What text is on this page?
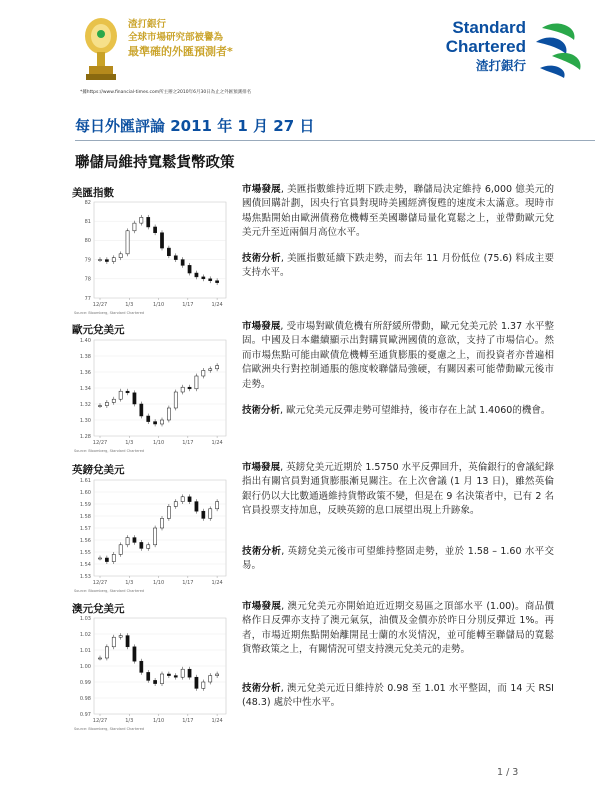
渣打銀行
全球市場研究部被譽為
最準確的外匯預測者*
*據https://www.financial-times.com所主辦之2010年6月30日為止之外匯預測排名
Standard
Chartered
渣打銀行
每日外匯評論 2011 年 1 月 27 日
聯儲局維持寬鬆貨幣政策
美匯指數
77
78
79
80
81
82
12/27	1/3	1/10	1/17	1/24
Source: Bloomberg, Standard Chartered
市場發展, 美匯指數維持近期下跌走勢，聯儲局決定維持 6,000 億美元的國債回購計劃，因央行官員對現時美國經濟復甦的速度未太滿意。現時市場焦點開始由歐洲債務危機轉至美國聯儲局量化寬鬆之上，並帶動歐元兌美元升至近兩個月高位水平。
技術分析, 美匯指數延續下跌走勢，而去年 11 月份低位 (75.6) 料成主要支持水平。
歐元兌美元
1.28
1.30
1.32
1.34
1.36
1.38
1.40
12/27	1/3	1/10	1/17	1/24
Source: Bloomberg, Standard Chartered
市場發展, 受市場對歐債危機有所舒緩所帶動，歐元兌美元於 1.37 水平整固。中國及日本繼續顯示出對購買歐洲國債的意欲，支持了市場信心。然而市場焦點可能由歐債危機轉至通貨膨脹的憂慮之上，而投資者亦普遍相信歐洲央行對控制通脹的態度較聯儲局強硬，有關因素可能帶動歐元後市走勢。
技術分析, 歐元兌美元反彈走勢可望維持，後市存在上試 1.4060的機會。
英鎊兌美元
1.53
1.54
1.55
1.56
1.57
1.58
1.59
1.60
1.61
12/27	1/3	1/10	1/17	1/24
Source: Bloomberg, Standard Chartered
市場發展, 英鎊兌美元近期於 1.5750 水平反彈回升，英倫銀行的會議紀錄指出有關官員對通貨膨脹漸見關注。在上次會議 (1 月 13 日)，雖然英倫銀行仍以大比數通過維持貨幣政策不變，但是在 9 名決策者中，已有 2 名官員投票支持加息，反映英鎊的息口展望出現上升跡象。
技術分析, 英鎊兌美元後市可望維持整固走勢，並於 1.58 – 1.60 水平交易。
澳元兌美元
0.97
0.98
0.99
1.00
1.01
1.02
1.03
12/27	1/3	1/10	1/17	1/24
Source: Bloomberg, Standard Chartered
市場發展, 澳元兌美元亦開始迫近近期交易區之頂部水平 (1.00)。商品價格作日反彈亦支持了澳元氣氛，油價及金價亦於昨日分別反彈近 1%。再者，市場近期焦點開始離開昆士蘭的水災情況，並可能轉至聯儲局的寬鬆貨幣政策之上，有關情況可望支持澳元兌美元的走勢。
技術分析, 澳元兌美元近日維持於 0.98 至 1.01 水平整固，而 14 天 RSI (48.3) 處於中性水平。
1 / 3
